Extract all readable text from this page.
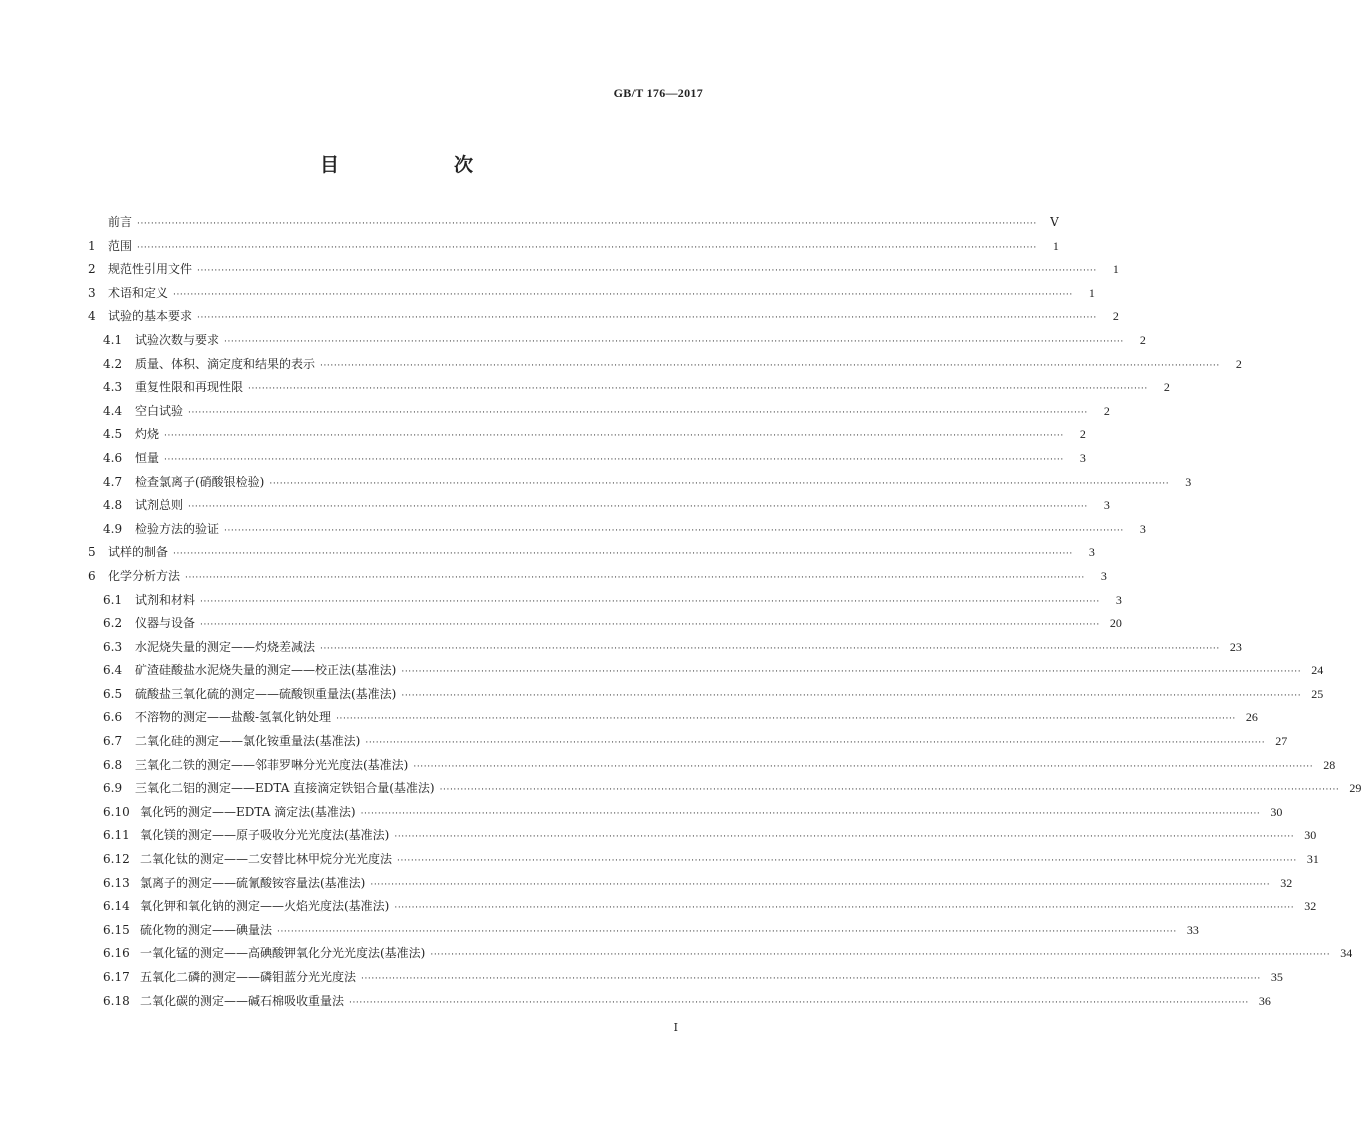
GB/T 176—2017
目　次
前言 ····································································································································································································································································	Ⅴ
1	范围 ····································································································································································································································································	1
2	规范性引用文件 ····································································································································································································································································	1
3	术语和定义 ····································································································································································································································································	1
4	试验的基本要求 ····································································································································································································································································	2
4.1	试验次数与要求 ····································································································································································································································································	2
4.2	质量、体积、滴定度和结果的表示 ····································································································································································································································································	2
4.3	重复性限和再现性限 ····································································································································································································································································	2
4.4	空白试验 ····································································································································································································································································	2
4.5	灼烧 ····································································································································································································································································	2
4.6	恒量 ····································································································································································································································································	3
4.7	检查氯离子(硝酸银检验) ····································································································································································································································································	3
4.8	试剂总则 ····································································································································································································································································	3
4.9	检验方法的验证 ····································································································································································································································································	3
5	试样的制备 ····································································································································································································································································	3
6	化学分析方法 ····································································································································································································································································	3
6.1	试剂和材料 ····································································································································································································································································	3
6.2	仪器与设备 ···································································································································································································································································· 20
6.3	水泥烧失量的测定——灼烧差减法 ···································································································································································································································································· 23
6.4	矿渣硅酸盐水泥烧失量的测定——校正法(基准法) ···································································································································································································································································· 24
6.5	硫酸盐三氧化硫的测定——硫酸钡重量法(基准法) ···································································································································································································································································· 25
6.6	不溶物的测定——盐酸-氢氧化钠处理 ···································································································································································································································································· 26
6.7	二氧化硅的测定——氯化铵重量法(基准法) ···································································································································································································································································· 27
6.8	三氧化二铁的测定——邻菲罗啉分光光度法(基准法) ···································································································································································································································································· 28
6.9	三氧化二铝的测定——EDTA 直接滴定铁铝合量(基准法) ···································································································································································································································································· 29
6.10 氧化钙的测定——EDTA 滴定法(基准法) ···································································································································································································································································· 30
6.11 氧化镁的测定——原子吸收分光光度法(基准法) ···································································································································································································································································· 30
6.12 二氧化钛的测定——二安替比林甲烷分光光度法 ···································································································································································································································································· 31
6.13 氯离子的测定——硫氰酸铵容量法(基准法) ···································································································································································································································································· 32
6.14 氧化钾和氧化钠的测定——火焰光度法(基准法) ···································································································································································································································································· 32
6.15 硫化物的测定——碘量法 ···································································································································································································································································· 33
6.16 一氧化锰的测定——高碘酸钾氧化分光光度法(基准法) ···································································································································································································································································· 34
6.17 五氧化二磷的测定——磷钼蓝分光光度法 ···································································································································································································································································· 35
6.18 二氧化碳的测定——碱石棉吸收重量法 ···································································································································································································································································· 36
Ⅰ
